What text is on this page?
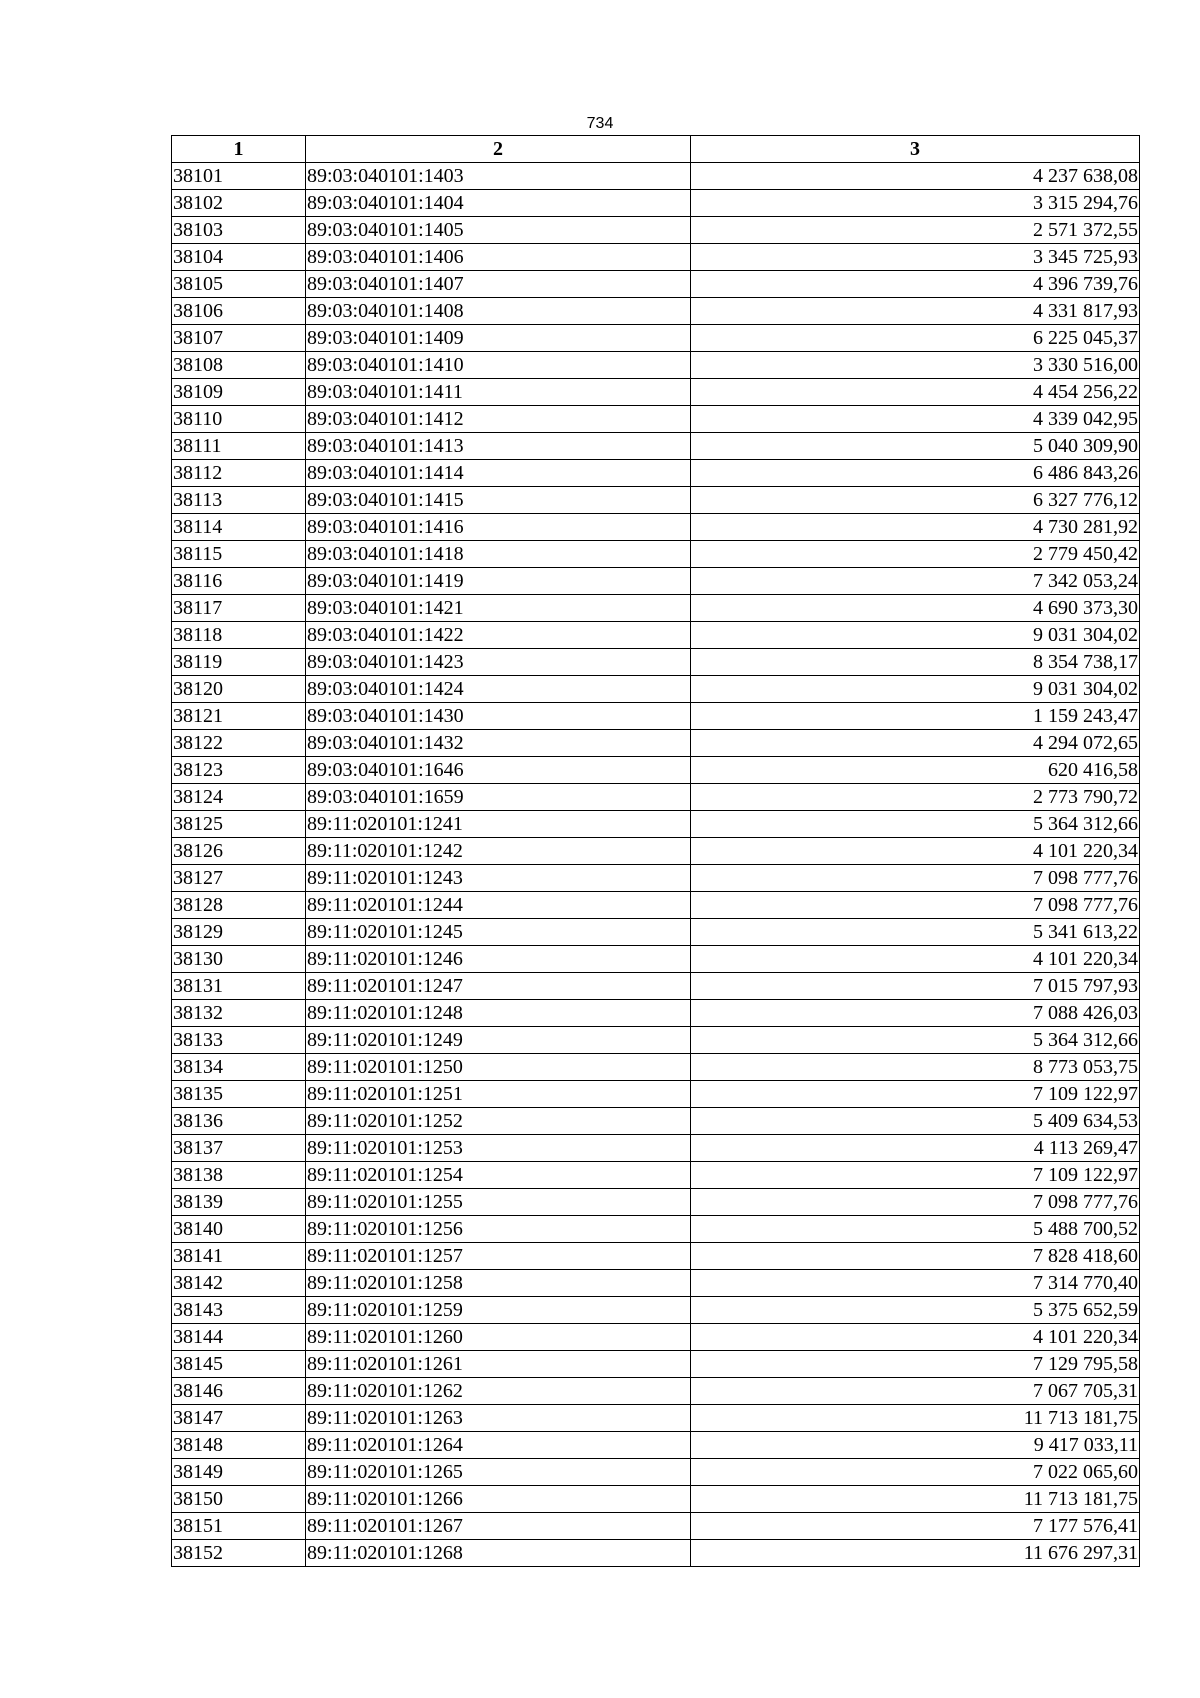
734
1	2	3
38101	89:03:040101:1403	4 237 638,08
38102	89:03:040101:1404	3 315 294,76
38103	89:03:040101:1405	2 571 372,55
38104	89:03:040101:1406	3 345 725,93
38105	89:03:040101:1407	4 396 739,76
38106	89:03:040101:1408	4 331 817,93
38107	89:03:040101:1409	6 225 045,37
38108	89:03:040101:1410	3 330 516,00
38109	89:03:040101:1411	4 454 256,22
38110	89:03:040101:1412	4 339 042,95
38111	89:03:040101:1413	5 040 309,90
38112	89:03:040101:1414	6 486 843,26
38113	89:03:040101:1415	6 327 776,12
38114	89:03:040101:1416	4 730 281,92
38115	89:03:040101:1418	2 779 450,42
38116	89:03:040101:1419	7 342 053,24
38117	89:03:040101:1421	4 690 373,30
38118	89:03:040101:1422	9 031 304,02
38119	89:03:040101:1423	8 354 738,17
38120	89:03:040101:1424	9 031 304,02
38121	89:03:040101:1430	1 159 243,47
38122	89:03:040101:1432	4 294 072,65
38123	89:03:040101:1646	620 416,58
38124	89:03:040101:1659	2 773 790,72
38125	89:11:020101:1241	5 364 312,66
38126	89:11:020101:1242	4 101 220,34
38127	89:11:020101:1243	7 098 777,76
38128	89:11:020101:1244	7 098 777,76
38129	89:11:020101:1245	5 341 613,22
38130	89:11:020101:1246	4 101 220,34
38131	89:11:020101:1247	7 015 797,93
38132	89:11:020101:1248	7 088 426,03
38133	89:11:020101:1249	5 364 312,66
38134	89:11:020101:1250	8 773 053,75
38135	89:11:020101:1251	7 109 122,97
38136	89:11:020101:1252	5 409 634,53
38137	89:11:020101:1253	4 113 269,47
38138	89:11:020101:1254	7 109 122,97
38139	89:11:020101:1255	7 098 777,76
38140	89:11:020101:1256	5 488 700,52
38141	89:11:020101:1257	7 828 418,60
38142	89:11:020101:1258	7 314 770,40
38143	89:11:020101:1259	5 375 652,59
38144	89:11:020101:1260	4 101 220,34
38145	89:11:020101:1261	7 129 795,58
38146	89:11:020101:1262	7 067 705,31
38147	89:11:020101:1263	11 713 181,75
38148	89:11:020101:1264	9 417 033,11
38149	89:11:020101:1265	7 022 065,60
38150	89:11:020101:1266	11 713 181,75
38151	89:11:020101:1267	7 177 576,41
38152	89:11:020101:1268	11 676 297,31
